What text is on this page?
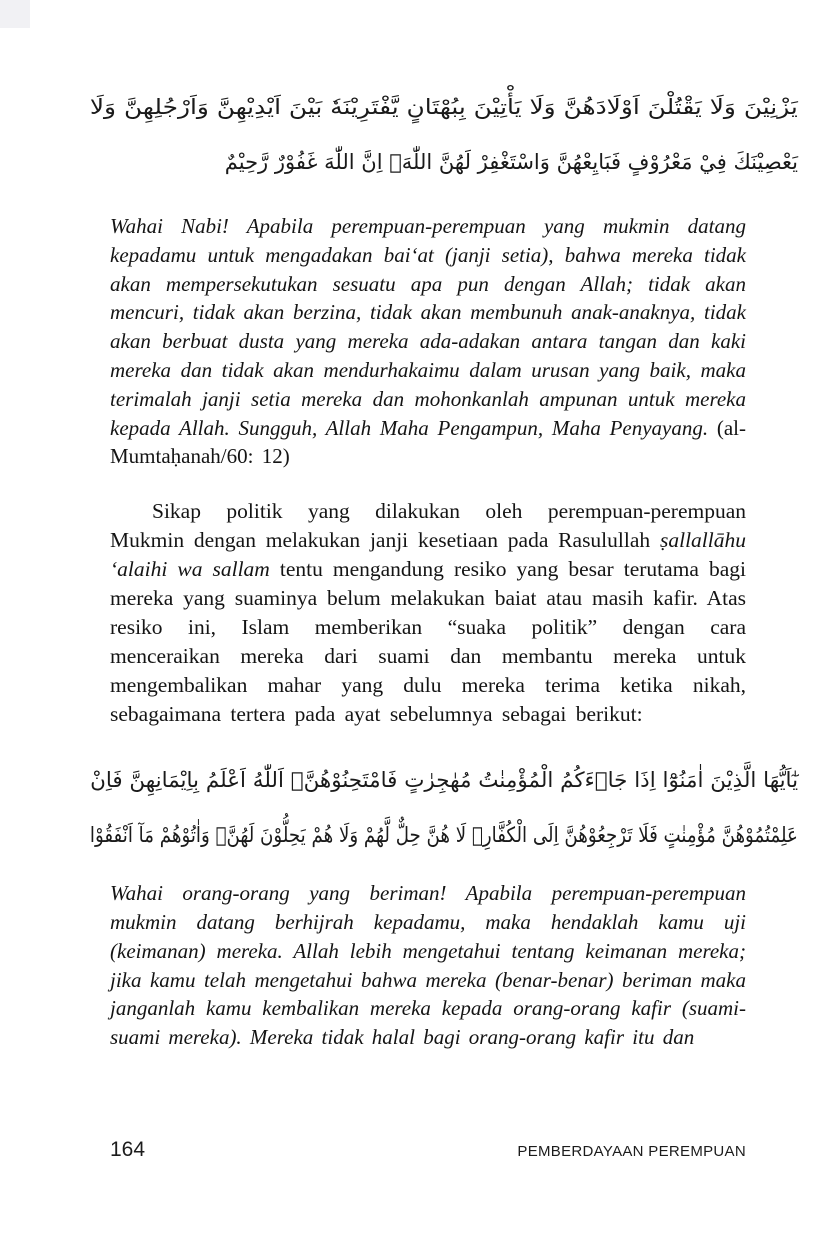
يَزْنِيْنَ وَلَا يَقْتُلْنَ اَوْلَادَهُنَّ وَلَا يَأْتِيْنَ بِبُهْتَانٍ يَّفْتَرِيْنَهٗ بَيْنَ اَيْدِيْهِنَّ وَاَرْجُلِهِنَّ وَلَا
يَعْصِيْنَكَ فِيْ مَعْرُوْفٍ فَبَايِعْهُنَّ وَاسْتَغْفِرْ لَهُنَّ اللّٰهَۗ اِنَّ اللّٰهَ غَفُوْرٌ رَّحِيْمٌ

Wahai Nabi! Apabila perempuan-perempuan yang mukmin datang kepadamu untuk mengadakan bai‘at (janji setia), bahwa mereka tidak akan mempersekutukan sesuatu apa pun dengan Allah; tidak akan mencuri, tidak akan berzina, tidak akan membunuh anak-anaknya, tidak akan berbuat dusta yang mereka ada-adakan antara tangan dan kaki mereka dan tidak akan mendurhakaimu dalam urusan yang baik, maka terimalah janji setia mereka dan mohonkanlah ampunan untuk mereka kepada Allah. Sungguh, Allah Maha Pengampun, Maha Penyayang. (al-Mumtaḥanah/60: 12)

Sikap politik yang dilakukan oleh perempuan-perempuan Mukmin dengan melakukan janji kesetiaan pada Rasulullah ṣallallāhu ‘alaihi wa sallam tentu mengandung resiko yang besar terutama bagi mereka yang suaminya belum melakukan baiat atau masih kafir. Atas resiko ini, Islam memberikan “suaka politik” dengan cara menceraikan mereka dari suami dan membantu mereka untuk mengembalikan mahar yang dulu mereka terima ketika nikah, sebagaimana tertera pada ayat sebelumnya sebagai berikut:

يٰٓاَيُّهَا الَّذِيْنَ اٰمَنُوْٓا اِذَا جَاۤءَكُمُ الْمُؤْمِنٰتُ مُهٰجِرٰتٍ فَامْتَحِنُوْهُنَّۗ اَللّٰهُ اَعْلَمُ بِاِيْمَانِهِنَّ فَاِنْ
عَلِمْتُمُوْهُنَّ مُؤْمِنٰتٍ فَلَا تَرْجِعُوْهُنَّ اِلَى الْكُفَّارِۗ لَا هُنَّ حِلٌّ لَّهُمْ وَلَا هُمْ يَحِلُّوْنَ لَهُنَّۗ وَاٰتُوْهُمْ مَآ اَنْفَقُوْا

Wahai orang-orang yang beriman! Apabila perempuan-perempuan mukmin datang berhijrah kepadamu, maka hendaklah kamu uji (keimanan) mereka. Allah lebih mengetahui tentang keimanan mereka; jika kamu telah mengetahui bahwa mereka (benar-benar) beriman maka janganlah kamu kembalikan mereka kepada orang-orang kafir (suami-suami mereka). Mereka tidak halal bagi orang-orang kafir itu dan

164	PEMBERDAYAAN PEREMPUAN
